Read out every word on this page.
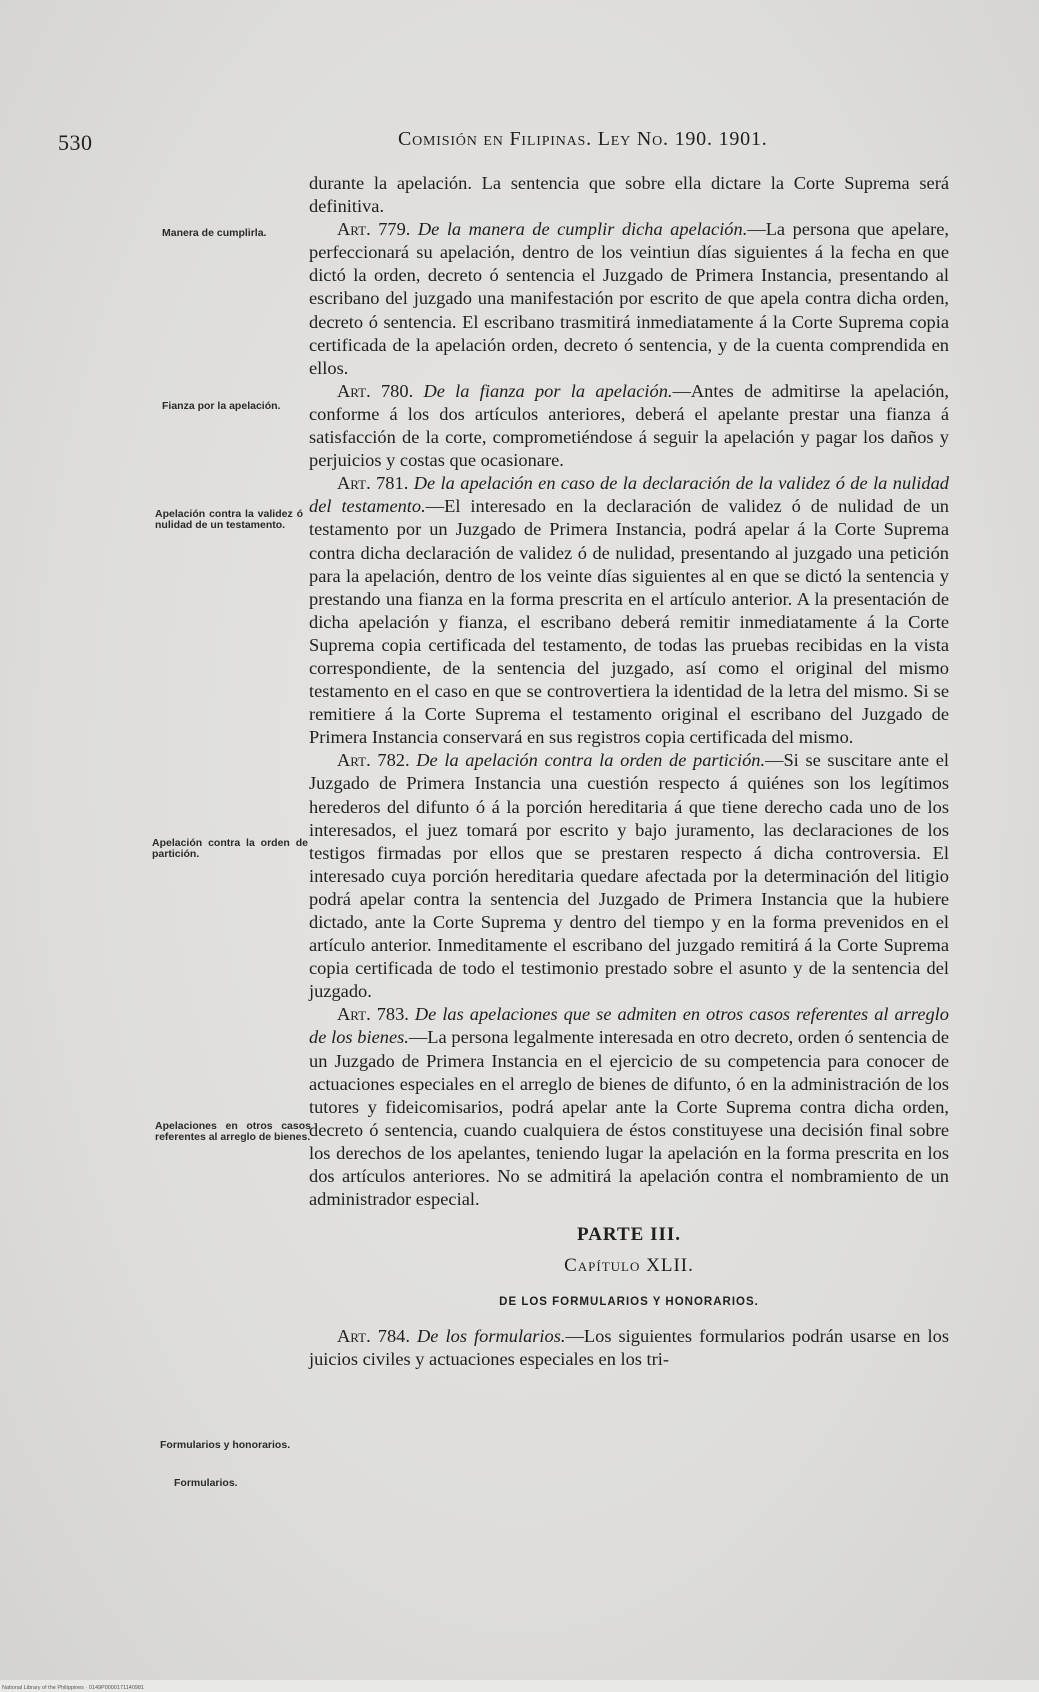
530	Comisión en Filipinas. Ley No. 190. 1901.
Manera de cumplirla.
Fianza por la apelación.
Apelación contra la validez ó nulidad de un testamento.
Apelación contra la orden de partición.
Apelaciones en otros casos referentes al arreglo de bienes.
Formularios y honorarios.
Formularios.

durante la apelación. La sentencia que sobre ella dictare la Corte Suprema será definitiva.

Art. 779. De la manera de cumplir dicha apelación.—La persona que apelare, perfeccionará su apelación, dentro de los veintiun días siguientes á la fecha en que dictó la orden, decreto ó sentencia el Juzgado de Primera Instancia, presentando al escribano del juzgado una manifestación por escrito de que apela contra dicha orden, decreto ó sentencia. El escribano trasmitirá inmediatamente á la Corte Suprema copia certificada de la apelación orden, decreto ó sentencia, y de la cuenta comprendida en ellos.

Art. 780. De la fianza por la apelación.—Antes de admitirse la apelación, conforme á los dos artículos anteriores, deberá el apelante prestar una fianza á satisfacción de la corte, comprometiéndose á seguir la apelación y pagar los daños y perjuicios y costas que ocasionare.

Art. 781. De la apelación en caso de la declaración de la validez ó de la nulidad del testamento.—El interesado en la declaración de validez ó de nulidad de un testamento por un Juzgado de Primera Instancia, podrá apelar á la Corte Suprema contra dicha declaración de validez ó de nulidad, presentando al juzgado una petición para la apelación, dentro de los veinte días siguientes al en que se dictó la sentencia y prestando una fianza en la forma prescrita en el artículo anterior. A la presentación de dicha apelación y fianza, el escribano deberá remitir inmediatamente á la Corte Suprema copia certificada del testamento, de todas las pruebas recibidas en la vista correspondiente, de la sentencia del juzgado, así como el original del mismo testamento en el caso en que se controvertiera la identidad de la letra del mismo. Si se remitiere á la Corte Suprema el testamento original el escribano del Juzgado de Primera Instancia conservará en sus registros copia certificada del mismo.

Art. 782. De la apelación contra la orden de partición.—Si se suscitare ante el Juzgado de Primera Instancia una cuestión respecto á quiénes son los legítimos herederos del difunto ó á la porción hereditaria á que tiene derecho cada uno de los interesados, el juez tomará por escrito y bajo juramento, las declaraciones de los testigos firmadas por ellos que se prestaren respecto á dicha controversia. El interesado cuya porción hereditaria quedare afectada por la determinación del litigio podrá apelar contra la sentencia del Juzgado de Primera Instancia que la hubiere dictado, ante la Corte Suprema y dentro del tiempo y en la forma prevenidos en el artículo anterior. Inmeditamente el escribano del juzgado remitirá á la Corte Suprema copia certificada de todo el testimonio prestado sobre el asunto y de la sentencia del juzgado.

Art. 783. De las apelaciones que se admiten en otros casos referentes al arreglo de los bienes.—La persona legalmente interesada en otro decreto, orden ó sentencia de un Juzgado de Primera Instancia en el ejercicio de su competencia para conocer de actuaciones especiales en el arreglo de bienes de difunto, ó en la administración de los tutores y fideicomisarios, podrá apelar ante la Corte Suprema contra dicha orden, decreto ó sentencia, cuando cualquiera de éstos constituyese una decisión final sobre los derechos de los apelantes, teniendo lugar la apelación en la forma prescrita en los dos artículos anteriores. No se admitirá la apelación contra el nombramiento de un administrador especial.

PARTE III.

Capítulo XLII.

DE LOS FORMULARIOS Y HONORARIOS.

Art. 784. De los formularios.—Los siguientes formularios podrán usarse en los juicios civiles y actuaciones especiales en los tri-

National Library of the Philippines · 0149P0000171140981
